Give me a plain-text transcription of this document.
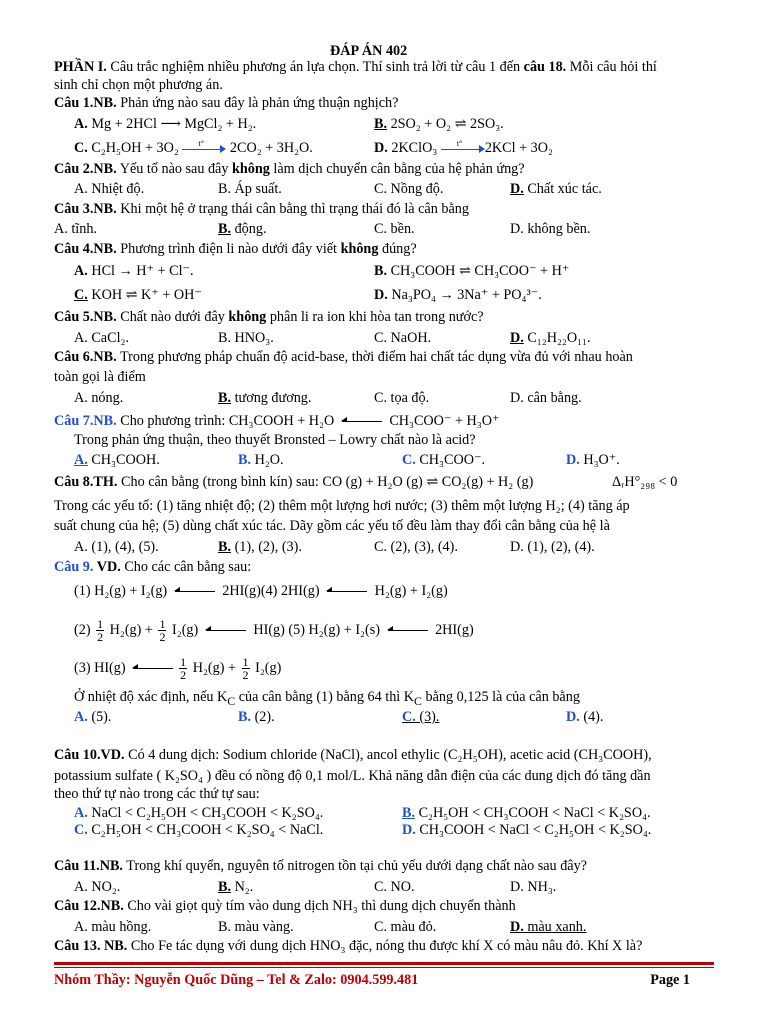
ĐÁP ÁN 402
PHẦN I. Câu trắc nghiệm nhiều phương án lựa chọn. Thí sinh trả lời từ câu 1 đến câu 18. Mỗi câu hỏi thí
sinh chỉ chọn một phương án.
Câu 1.NB. Phản ứng nào sau đây là phản ứng thuận nghịch?
A. Mg + 2HCl ⟶ MgCl₂ + H₂.	B. 2SO₂ + O₂ ⇌ 2SO₃.
C. C₂H₅OH + 3O₂ t° 2CO₂ + 3H₂O.	D. 2KClO₃ t° 2KCl + 3O₂
Câu 2.NB. Yếu tố nào sau đây không làm dịch chuyển cân bằng của hệ phản ứng?
A. Nhiệt độ.	B. Áp suất.	C. Nồng độ.	D. Chất xúc tác.
Câu 3.NB. Khi một hệ ở trạng thái cân bằng thì trạng thái đó là cân bằng
A. tĩnh.	B. động.	C. bền.	D. không bền.
Câu 4.NB. Phương trình điện li nào dưới đây viết không đúng?
A. HCl → H⁺ + Cl⁻.	B. CH₃COOH ⇌ CH₃COO⁻ + H⁺
C. KOH ⇌ K⁺ + OH⁻	D. Na₃PO₄ → 3Na⁺ + PO₄³⁻.
Câu 5.NB. Chất nào dưới đây không phân li ra ion khi hòa tan trong nước?
A. CaCl₂.	B. HNO₃.	C. NaOH.	D. C₁₂H₂₂O₁₁.
Câu 6.NB. Trong phương pháp chuẩn độ acid-base, thời điểm hai chất tác dụng vừa đủ với nhau hoàn
toàn gọi là điểm
A. nóng.	B. tương đương.	C. tọa độ.	D. cân bằng.
Câu 7.NB. Cho phương trình: CH₃COOH + H₂O	CH₃COO⁻ + H₃O⁺
Trong phản ứng thuận, theo thuyết Bronsted – Lowry chất nào là acid?
A. CH₃COOH.	B. H₂O.	C. CH₃COO⁻.	D. H₃O⁺.
Câu 8.TH. Cho cân bằng (trong bình kín) sau: CO (g) + H₂O (g) ⇌ CO₂(g) + H₂ (g)	ΔᵣH°₂₉₈ < 0
Trong các yếu tố: (1) tăng nhiệt độ; (2) thêm một lượng hơi nước; (3) thêm một lượng H₂; (4) tăng áp
suất chung của hệ; (5) dùng chất xúc tác. Dãy gồm các yếu tố đều làm thay đổi cân bằng của hệ là
A. (1), (4), (5).	B. (1), (2), (3).	C. (2), (3), (4).	D. (1), (2), (4).
Câu 9. VD. Cho các cân bằng sau:
(1) H₂(g) + I₂(g)	2HI(g)(4) 2HI(g)	H₂(g) + I₂(g)
$(2) \frac{1}{2} H_2(g) + \frac{1}{2} I_2(g)$	HI(g) (5) H₂(g) + I₂(s)	2HI(g)
(3) HI(g)	$\frac{1}{2} H_2(g) + \frac{1}{2} I_2(g)$
Ở nhiệt độ xác định, nếu $K_C$ của cân bằng (1) bằng 64 thì $K_C$ bằng 0,125 là của cân bằng
A. (5).	B. (2).	C. (3).	D. (4).
Câu 10.VD. Có 4 dung dịch: Sodium chloride (NaCl), ancol ethylic (C₂H₅OH), acetic acid (CH₃COOH),
potassium sulfate ( K₂SO₄ ) đều có nồng độ 0,1 mol/L. Khả năng dẫn điện của các dung dịch đó tăng dần
theo thứ tự nào trong các thứ tự sau:
A. NaCl < C₂H₅OH < CH₃COOH < K₂SO₄.	B. C₂H₅OH < CH₃COOH < NaCl < K₂SO₄.
C. C₂H₅OH < CH₃COOH < K₂SO₄ < NaCl.	D. CH₃COOH < NaCl < C₂H₅OH < K₂SO₄.
Câu 11.NB. Trong khí quyển, nguyên tố nitrogen tồn tại chủ yếu dưới dạng chất nào sau đây?
A. NO₂.	B. N₂.	C. NO.	D. NH₃.
Câu 12.NB. Cho vài giọt quỳ tím vào dung dịch NH₃ thì dung dịch chuyển thành
A. màu hồng.	B. màu vàng.	C. màu đỏ.	D. màu xanh.
Câu 13. NB. Cho Fe tác dụng với dung dịch HNO₃ đặc, nóng thu được khí X có màu nâu đỏ. Khí X là?
Nhóm Thầy: Nguyễn Quốc Dũng – Tel & Zalo: 0904.599.481	Page 1
